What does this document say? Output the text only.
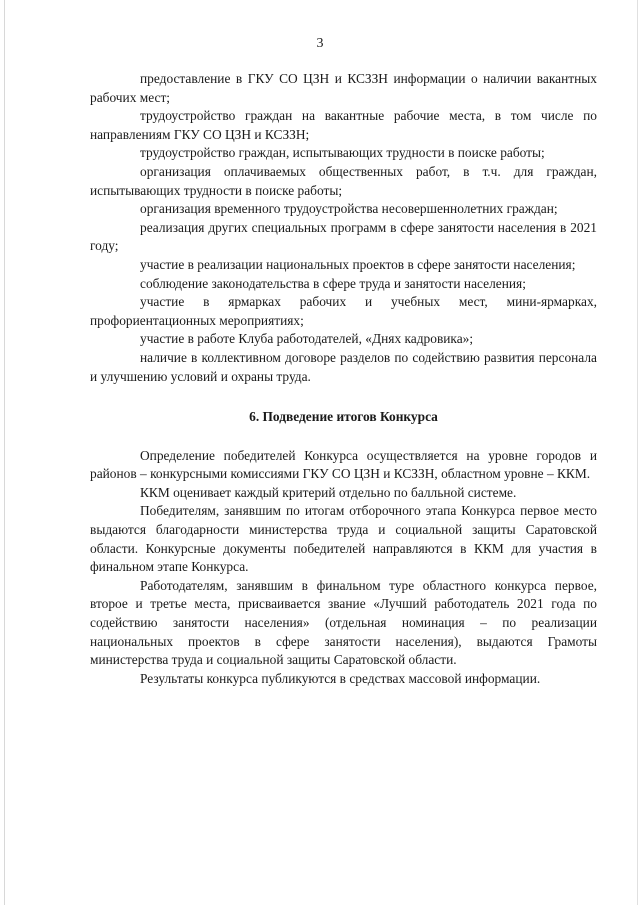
3

предоставление в ГКУ СО ЦЗН и КСЗЗН информации о наличии вакантных рабочих мест;

трудоустройство граждан на вакантные рабочие места, в том числе по направлениям ГКУ СО ЦЗН и КСЗЗН;

трудоустройство граждан, испытывающих трудности в поиске работы;

организация оплачиваемых общественных работ, в т.ч. для граждан, испытывающих трудности в поиске работы;

организация временного трудоустройства несовершеннолетних граждан;

реализация других специальных программ в сфере занятости населения в 2021 году;

участие в реализации национальных проектов в сфере занятости населения;

соблюдение законодательства в сфере труда и занятости населения;

участие в ярмарках рабочих и учебных мест, мини-ярмарках, профориентационных мероприятиях;

участие в работе Клуба работодателей, «Днях кадровика»;

наличие в коллективном договоре разделов по содействию развития персонала и улучшению условий и охраны труда.

6. Подведение итогов Конкурса

Определение победителей Конкурса осуществляется на уровне городов и районов – конкурсными комиссиями ГКУ СО ЦЗН и КСЗЗН, областном уровне – ККМ.

ККМ оценивает каждый критерий отдельно по балльной системе.

Победителям, занявшим по итогам отборочного этапа Конкурса первое место выдаются благодарности министерства труда и социальной защиты Саратовской области. Конкурсные документы победителей направляются в ККМ для участия в финальном этапе Конкурса.

Работодателям, занявшим в финальном туре областного конкурса первое, второе и третье места, присваивается звание «Лучший работодатель 2021 года по содействию занятости населения» (отдельная номинация – по реализации национальных проектов в сфере занятости населения), выдаются Грамоты министерства труда и социальной защиты Саратовской области.

Результаты конкурса публикуются в средствах массовой информации.
